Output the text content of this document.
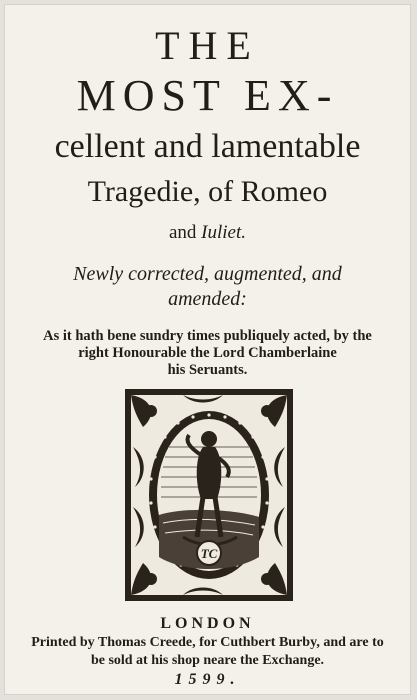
THE
MOST EX-
cellent and lamentable
Tragedie, of Romeo
and Iuliet.
Newly corrected, augmented, and
amended:
As it hath bene sundry times publiquely acted, by the
right Honourable the Lord Chamberlaine
his Seruants.
TC
LONDON
Printed by Thomas Creede, for Cuthbert Burby, and are to
be sold at his shop neare the Exchange.
1599.
